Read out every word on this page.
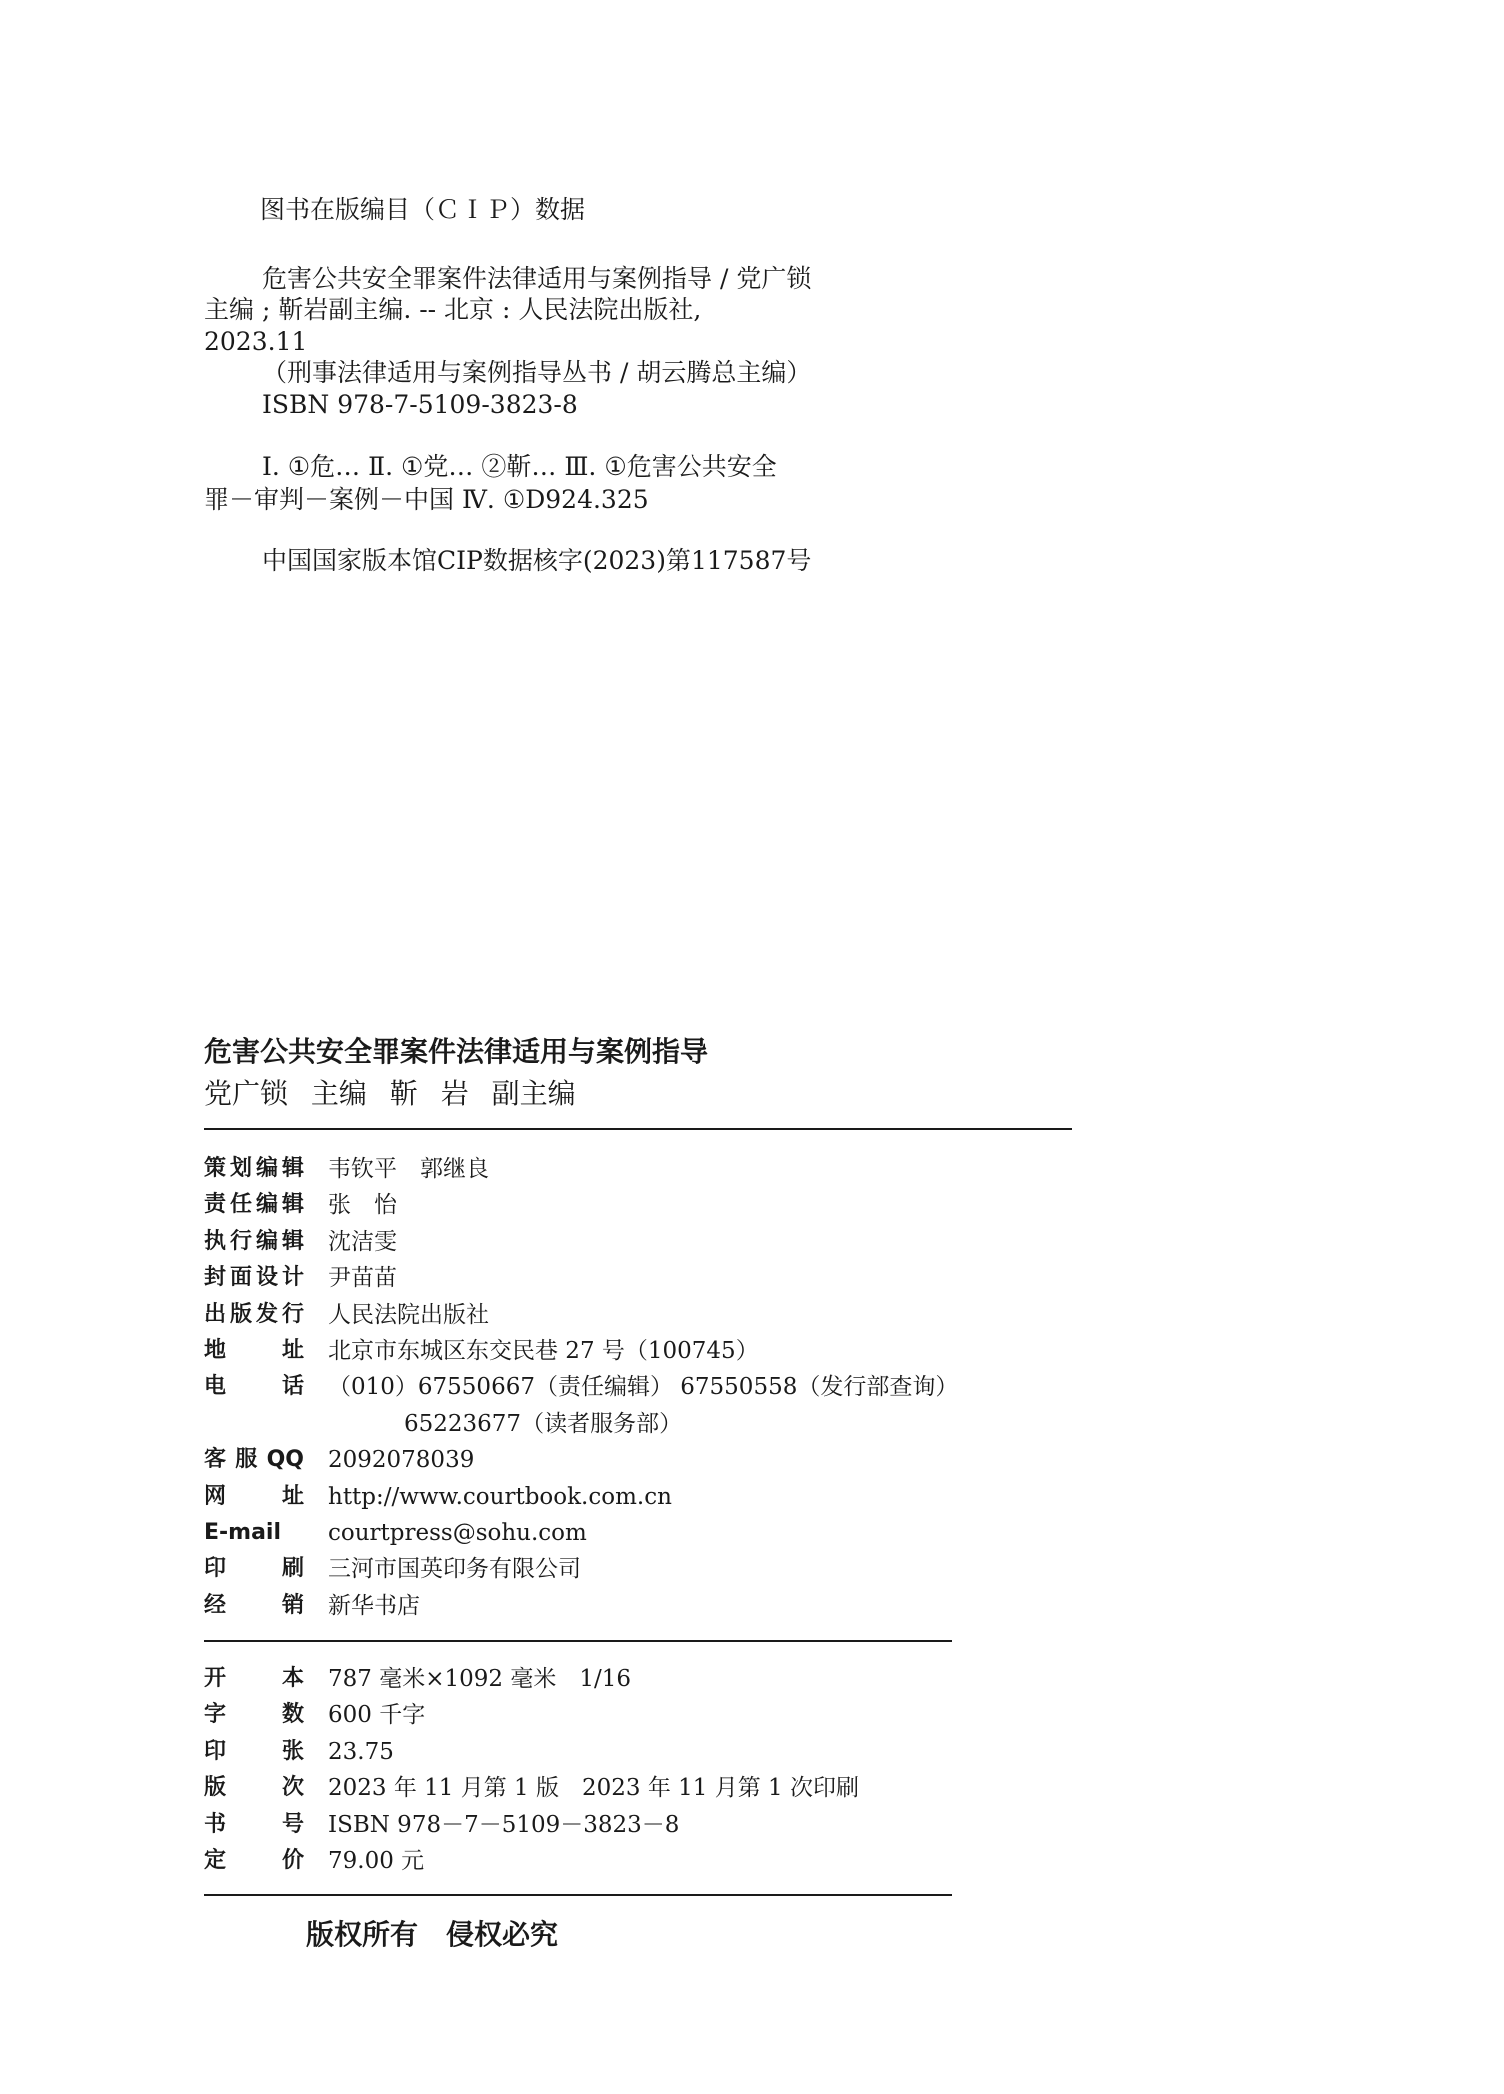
图书在版编目（ＣＩＰ）数据
危害公共安全罪案件法律适用与案例指导 / 党广锁
主编 ; 靳岩副主编. -- 北京 : 人民法院出版社,
2023.11
（刑事法律适用与案例指导丛书 / 胡云腾总主编）
ISBN 978-7-5109-3823-8
Ⅰ. ①危… Ⅱ. ①党… ②靳… Ⅲ. ①危害公共安全
罪－审判－案例－中国 Ⅳ. ①D924.325
中国国家版本馆CIP数据核字(2023)第117587号
危害公共安全罪案件法律适用与案例指导
党广锁 主编 靳 岩 副主编
策划编辑 韦钦平　郭继良
责任编辑 张　怡
执行编辑 沈洁雯
封面设计 尹苗苗
出版发行 人民法院出版社
地址 北京市东城区东交民巷 27 号（100745）
电话 （010）67550667（责任编辑） 67550558（发行部查询）
65223677（读者服务部）
客服QQ 2092078039
网址 http://www.courtbook.com.cn
E-mail	courtpress@sohu.com
印刷 三河市国英印务有限公司
经销 新华书店
开本 787 毫米×1092 毫米　1/16
字数 600 千字
印张 23.75
版次 2023 年 11 月第 1 版　2023 年 11 月第 1 次印刷
书号 ISBN 978－7－5109－3823－8
定价 79.00 元
版权所有　侵权必究
